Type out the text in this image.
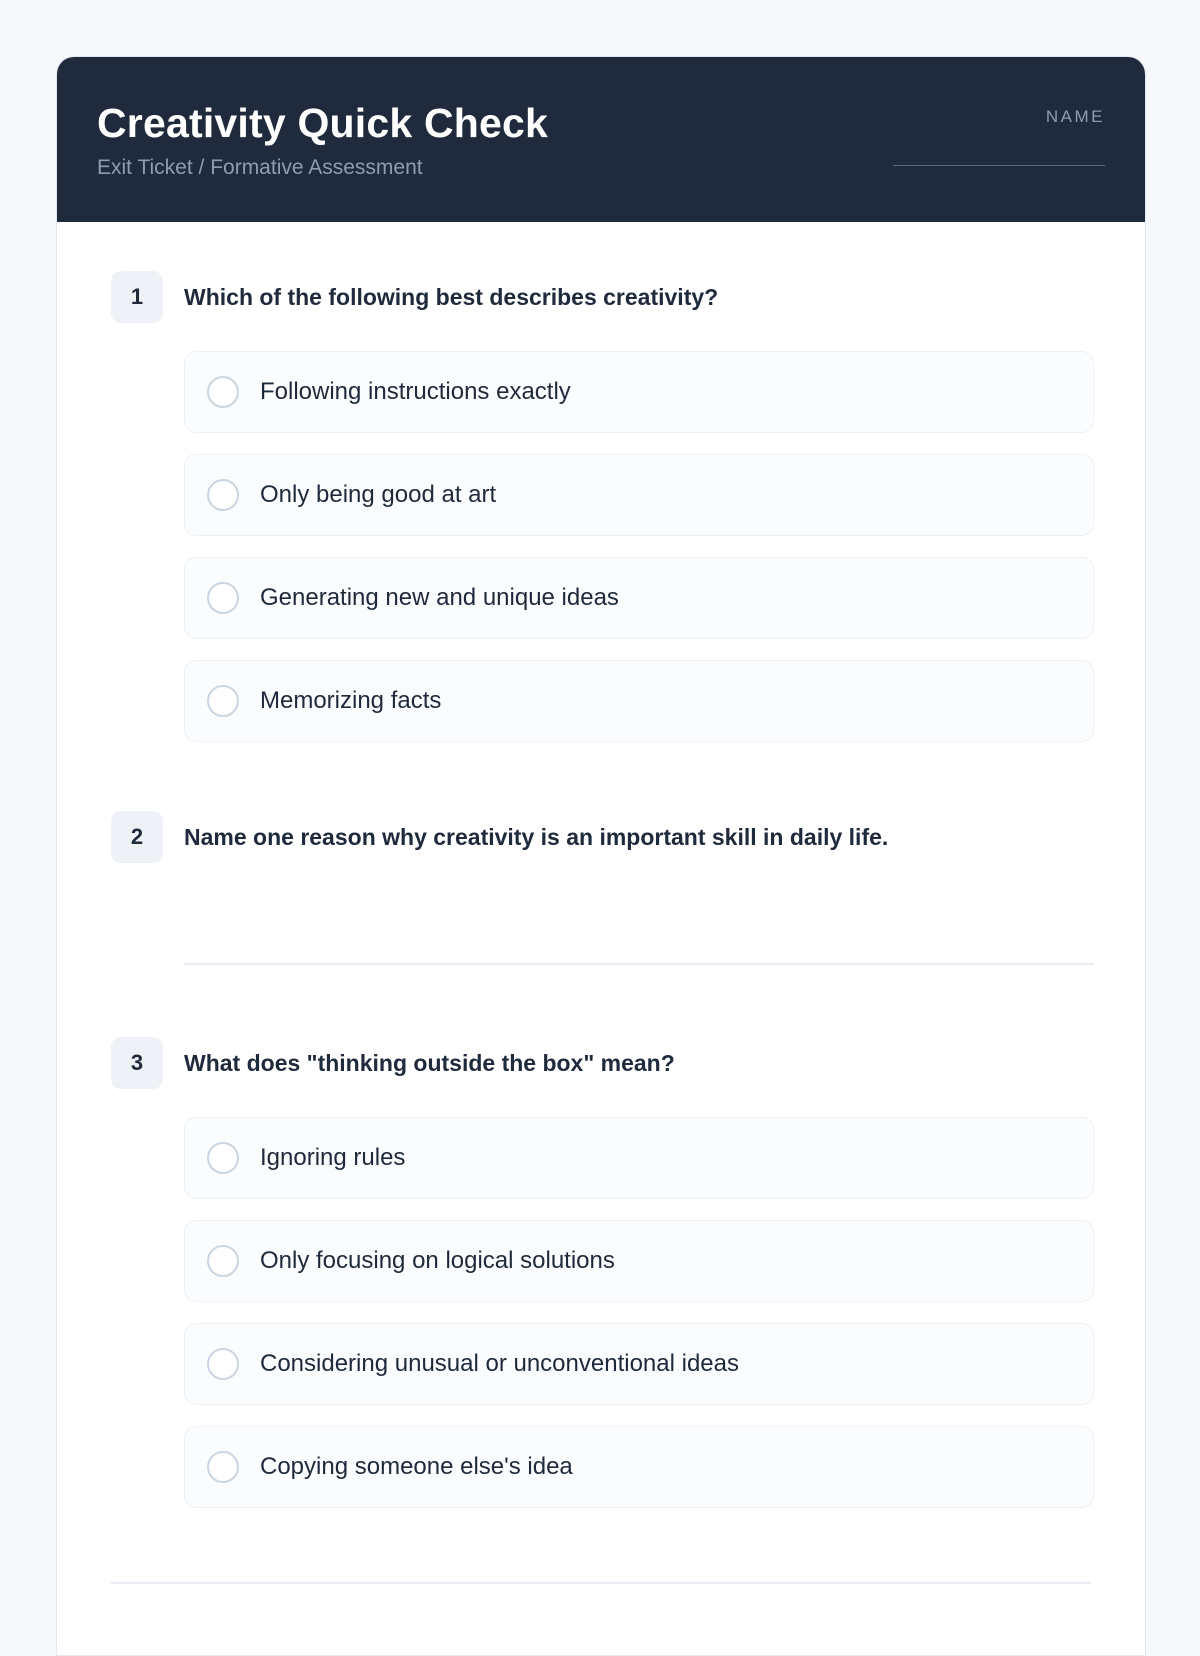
Creativity Quick Check
Exit Ticket / Formative Assessment
NAME
1	Which of the following best describes creativity?
Following instructions exactly
Only being good at art
Generating new and unique ideas
Memorizing facts
2	Name one reason why creativity is an important skill in daily life.
3	What does "thinking outside the box" mean?
Ignoring rules
Only focusing on logical solutions
Considering unusual or unconventional ideas
Copying someone else's idea
